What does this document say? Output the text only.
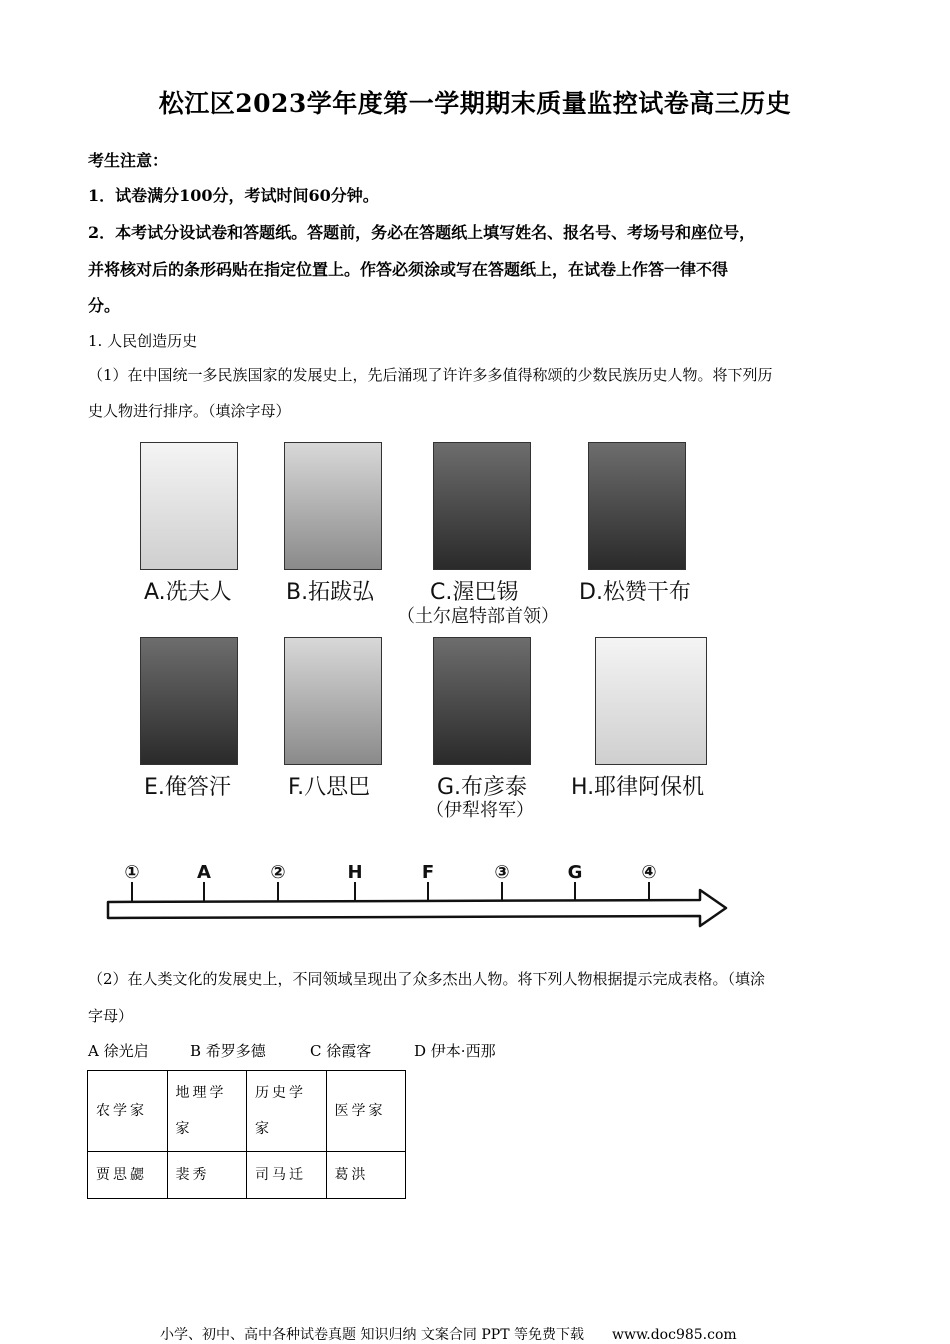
松江区2023学年度第一学期期末质量监控试卷高三历史
考生注意：
1．试卷满分100分，考试时间60分钟。
2．本考试分设试卷和答题纸。答题前，务必在答题纸上填写姓名、报名号、考场号和座位号，
并将核对后的条形码贴在指定位置上。作答必须涂或写在答题纸上，在试卷上作答一律不得
分。
1. 人民创造历史
（1）在中国统一多民族国家的发展史上，先后涌现了许许多多值得称颂的少数民族历史人物。将下列历
史人物进行排序。（填涂字母）
A.冼夫人 B.拓跋弘	C.渥巴锡
（土尔扈特部首领）
D.松赞干布
E.俺答汗	F.八思巴	G.布彦泰
（伊犁将军）
H.耶律阿保机
①	A	②	H	F	③	G	④
（2）在人类文化的发展史上，不同领域呈现出了众多杰出人物。将下列人物根据提示完成表格。（填涂
字母）
A 徐光启	B 希罗多德	C 徐霞客	D 伊本·西那
农学家	地理学家	历史学家	医学家
贾思勰	裴秀	司马迁	葛洪
小学、初中、高中各种试卷真题 知识归纳 文案合同 PPT 等免费下载　　www.doc985.com
